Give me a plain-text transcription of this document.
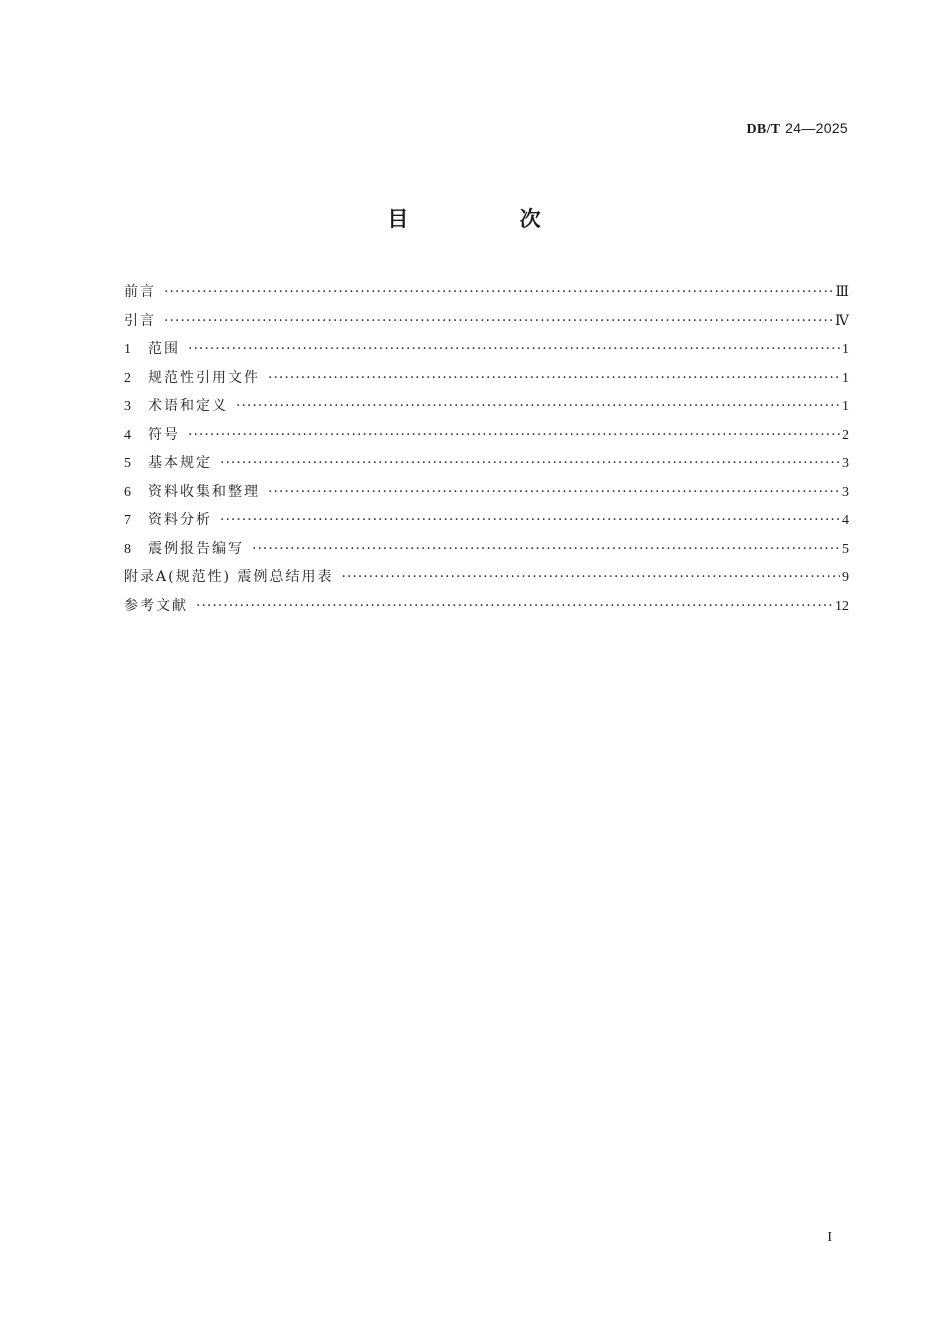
DB/T 24—2025
目 次
前言 ·····	Ⅲ
引言 ·····	Ⅳ
1	范围 ·····	1
2	规范性引用文件 ·····	1
3	术语和定义 ·····	1
4	符号 ·····	2
5	基本规定 ·····	3
6	资料收集和整理 ·····	3
7	资料分析 ·····	4
8	震例报告编写 ·····	5
附录A(规范性) 震例总结用表 ·····	9
参考文献 ·····	12
I
